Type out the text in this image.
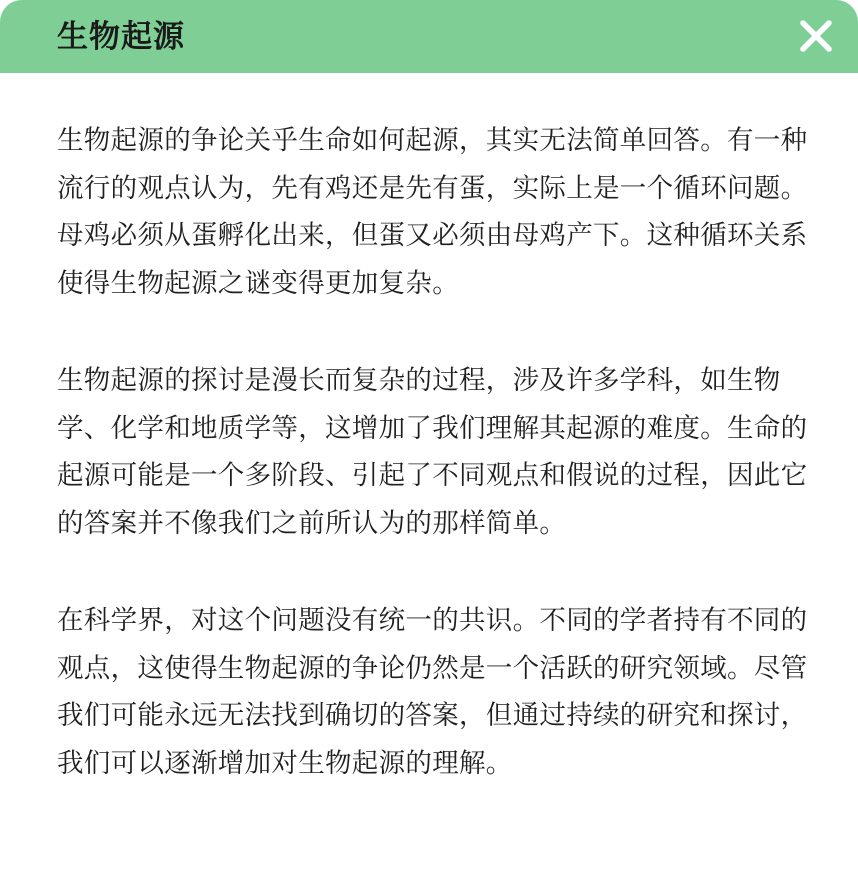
生物起源

生物起源的争论关乎生命如何起源，其实无法简单回答。有一种流行的观点认为，先有鸡还是先有蛋，实际上是一个循环问题。母鸡必须从蛋孵化出来，但蛋又必须由母鸡产下。这种循环关系使得生物起源之谜变得更加复杂。

生物起源的探讨是漫长而复杂的过程，涉及许多学科，如生物学、化学和地质学等，这增加了我们理解其起源的难度。生命的起源可能是一个多阶段、引起了不同观点和假说的过程，因此它的答案并不像我们之前所认为的那样简单。

在科学界，对这个问题没有统一的共识。不同的学者持有不同的观点，这使得生物起源的争论仍然是一个活跃的研究领域。尽管我们可能永远无法找到确切的答案，但通过持续的研究和探讨，我们可以逐渐增加对生物起源的理解。
